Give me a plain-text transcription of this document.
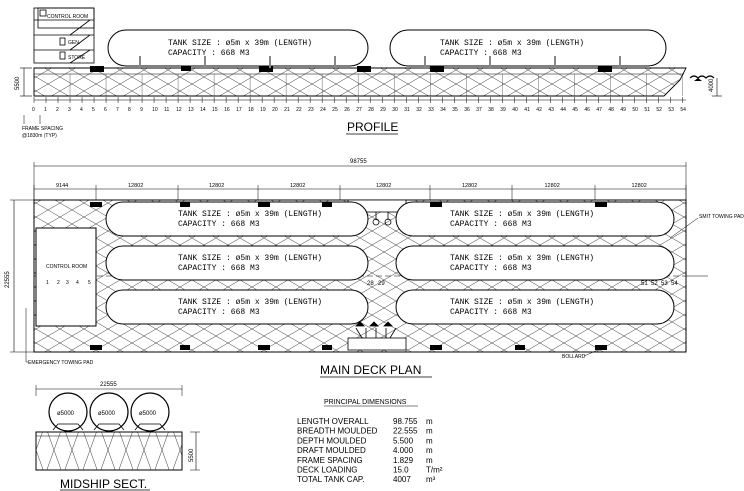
CONTROL ROOM
GEN.
STORE
TANK SIZE : ø5m x 39m (LENGTH)
CAPACITY : 668 M3
TANK SIZE : ø5m x 39m (LENGTH)
CAPACITY : 668 M3
5500	4000
0 1 2 3 4 5 6 7 8 9 10 11 12 13 14 15 16 17 18 19 20 21 22 23 24 25 26 27 28 29 30 31 32 33 34 35 36 37 38 39 40 41 42 43 44 45 46 47 48 49 50 51 52 53 54
FRAME SPACING
@1830m (TYP)
PROFILE
98755
9144	12802	12802	12802	12802	12802	12802	12802
22555
CONTROL ROOM
1 2 3 4 5
TANK SIZE : ø5m x 39m (LENGTH)
CAPACITY : 668 M3
TANK SIZE : ø5m x 39m (LENGTH)
CAPACITY : 668 M3
TANK SIZE : ø5m x 39m (LENGTH)
CAPACITY : 668 M3
TANK SIZE : ø5m x 39m (LENGTH)
CAPACITY : 668 M3
TANK SIZE : ø5m x 39m (LENGTH)
CAPACITY : 668 M3
TANK SIZE : ø5m x 39m (LENGTH)
CAPACITY : 668 M3
28 29	51 52 53 54
SMIT TOWING PAD
EMERGENCY TOWING PAD
BOLLARD
MAIN DECK PLAN
22555
ø5000	ø5000	ø5000
5500
MIDSHIP SECT.
PRINCIPAL DIMENSIONS
LENGTH OVERALL	98.755 m
BREADTH MOULDED 22.555 m
DEPTH MOULDED	5.500 m
DRAFT MOULDED	4.000 m
FRAME SPACING	1.829 m
DECK LOADING	15.0 T/m²
TOTAL TANK CAP.	4007 m³
